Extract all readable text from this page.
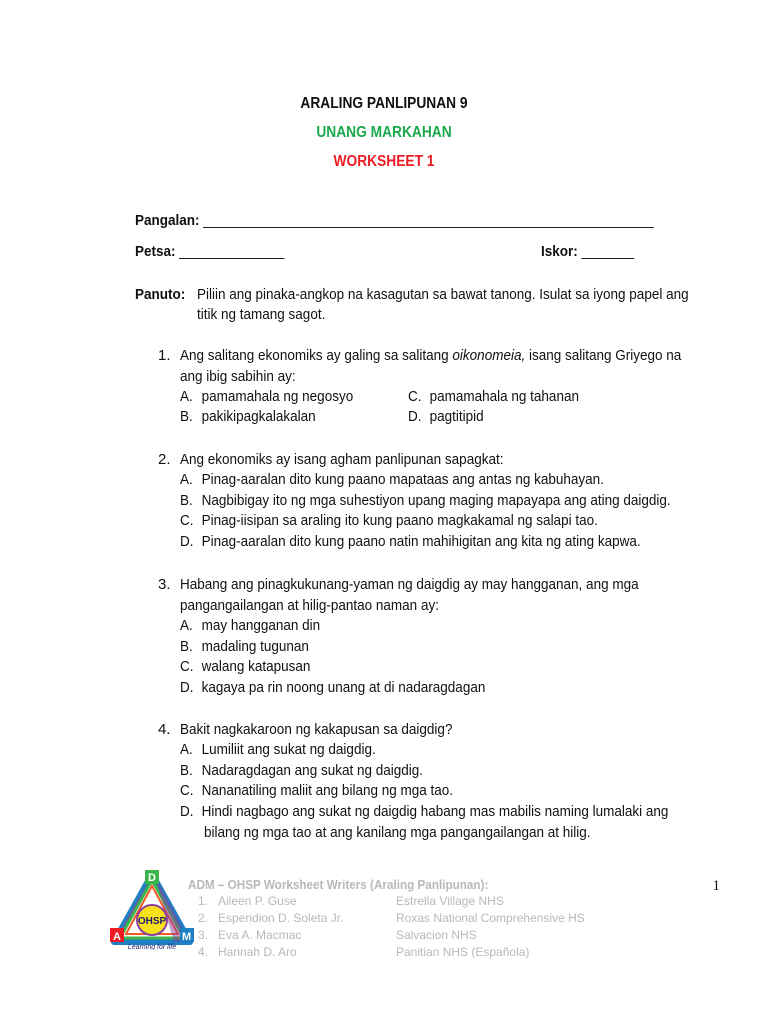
ARALING PANLIPUNAN 9
UNANG MARKAHAN
WORKSHEET 1
Pangalan: ____________________________________________________________
Petsa: ______________	Iskor: _______
Panuto: Piliin ang pinaka-angkop na kasagutan sa bawat tanong. Isulat sa iyong papel ang
titik ng tamang sagot.
1. Ang salitang ekonomiks ay galing sa salitang oikonomeia, isang salitang Griyego na
ang ibig sabihin ay:
A. pamamahala ng negosyo
B. pakikipagkalakalan
C. pamamahala ng tahanan
D. pagtitipid
2. Ang ekonomiks ay isang agham panlipunan sapagkat:
A. Pinag-aaralan dito kung paano mapataas ang antas ng kabuhayan.
B. Nagbibigay ito ng mga suhestiyon upang maging mapayapa ang ating daigdig.
C. Pinag-iisipan sa araling ito kung paano magkakamal ng salapi tao.
D. Pinag-aaralan dito kung paano natin mahihigitan ang kita ng ating kapwa.
3. Habang ang pinagkukunang-yaman ng daigdig ay may hangganan, ang mga
pangangailangan at hilig-pantao naman ay:
A. may hangganan din
B. madaling tugunan
C. walang katapusan
D. kagaya pa rin noong unang at di nadaragdagan
4. Bakit nagkakaroon ng kakapusan sa daigdig?
A. Lumiliit ang sukat ng daigdig.
B. Nadaragdagan ang sukat ng daigdig.
C. Nananatiling maliit ang bilang ng mga tao.
D. Hindi nagbago ang sukat ng daigdig habang mas mabilis naming lumalaki ang
bilang ng mga tao at ang kanilang mga pangangailangan at hilig.
A
D
M
OHSP
Learning for life
ADM – OHSP Worksheet Writers (Araling Panlipunan):	1
1. Aileen P. Guse	Estrella Village NHS
2. Esperidion D. Soleta Jr.	Roxas National Comprehensive HS
3. Eva A. Macmac	Salvacion NHS
4. Hannah D. Aro	Panitian NHS (Española)
